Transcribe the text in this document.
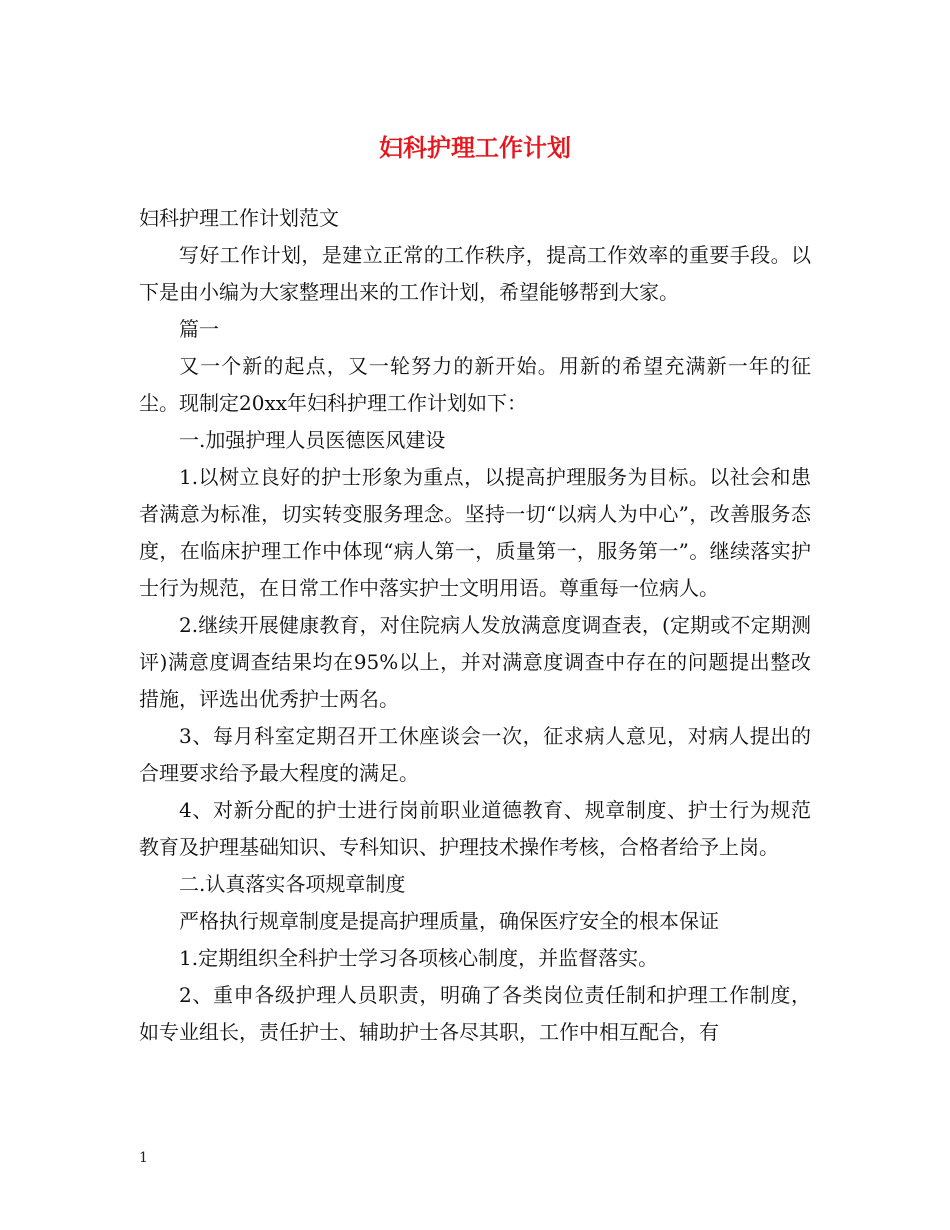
妇科护理工作计划

妇科护理工作计划范文

写好工作计划，是建立正常的工作秩序，提高工作效率的重要手段。以下是由小编为大家整理出来的工作计划，希望能够帮到大家。

篇一

又一个新的起点，又一轮努力的新开始。用新的希望充满新一年的征尘。现制定20xx年妇科护理工作计划如下：

一.加强护理人员医德医风建设

1.以树立良好的护士形象为重点，以提高护理服务为目标。以社会和患者满意为标准，切实转变服务理念。坚持一切“以病人为中心”，改善服务态度，在临床护理工作中体现“病人第一，质量第一，服务第一”。继续落实护士行为规范，在日常工作中落实护士文明用语。尊重每一位病人。

2.继续开展健康教育，对住院病人发放满意度调查表，(定期或不定期测评)满意度调查结果均在95%以上，并对满意度调查中存在的问题提出整改措施，评选出优秀护士两名。

3、每月科室定期召开工休座谈会一次，征求病人意见，对病人提出的合理要求给予最大程度的满足。

4、对新分配的护士进行岗前职业道德教育、规章制度、护士行为规范教育及护理基础知识、专科知识、护理技术操作考核，合格者给予上岗。

二.认真落实各项规章制度

严格执行规章制度是提高护理质量，确保医疗安全的根本保证

1.定期组织全科护士学习各项核心制度，并监督落实。

2、重申各级护理人员职责，明确了各类岗位责任制和护理工作制度，如专业组长，责任护士、辅助护士各尽其职，工作中相互配合，有

1
